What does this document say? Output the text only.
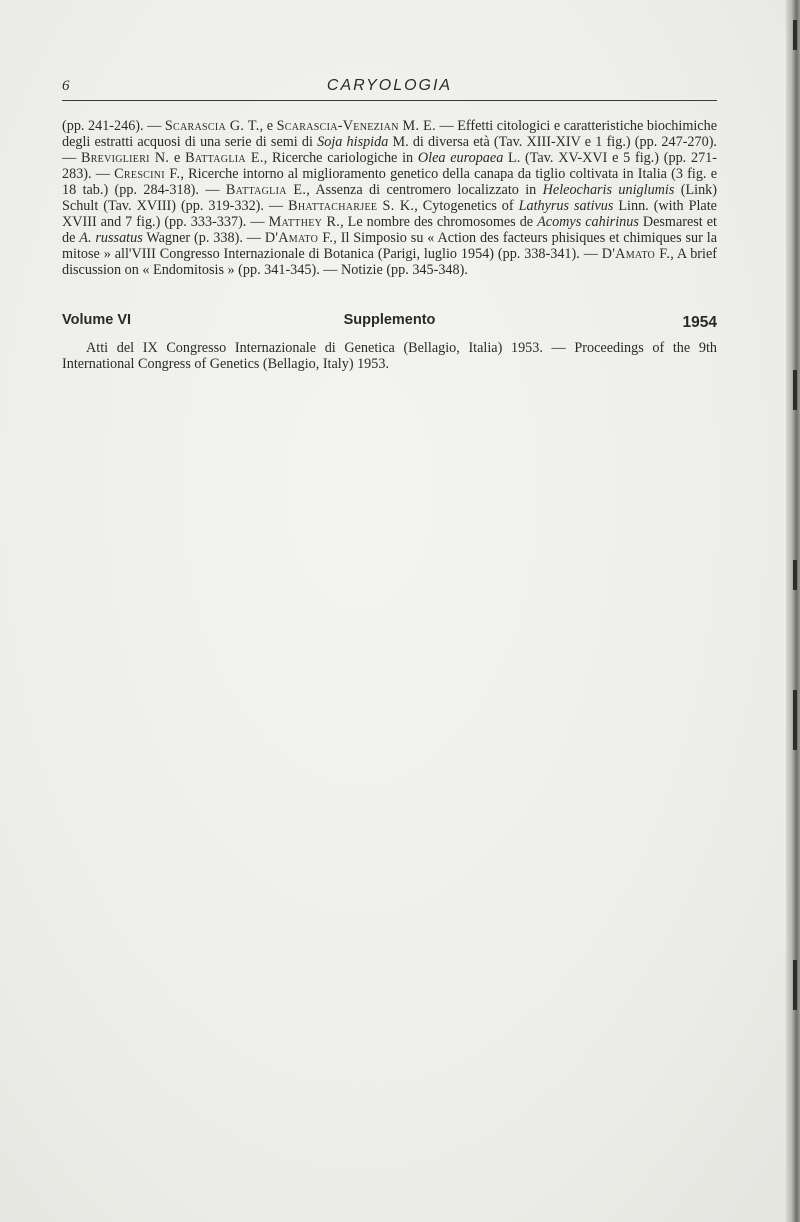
6	CARYOLOGIA
(pp. 241-246). — Scarascia G. T., e Scarascia-Venezian M. E. — Effetti citologici e caratteristiche biochimiche degli estratti acquosi di una serie di semi di Soja hispida M. di diversa età (Tav. XIII-XIV e 1 fig.) (pp. 247-270). — Breviglieri N. e Battaglia E., Ricerche cariologiche in Olea europaea L. (Tav. XV-XVI e 5 fig.) (pp. 271-283). — Crescini F., Ricerche intorno al miglioramento genetico della canapa da tiglio coltivata in Italia (3 fig. e 18 tab.) (pp. 284-318). — Battaglia E., Assenza di centromero localizzato in Heleocharis uniglumis (Link) Schult (Tav. XVIII) (pp. 319-332). — Bhattacharjee S. K., Cytogenetics of Lathyrus sativus Linn. (with Plate XVIII and 7 fig.) (pp. 333-337). — Matthey R., Le nombre des chromosomes de Acomys cahirinus Desmarest et de A. russatus Wagner (p. 338). — D'Amato F., Il Simposio su « Action des facteurs phisiques et chimiques sur la mitose » all'VIII Congresso Internazionale di Botanica (Parigi, luglio 1954) (pp. 338-341). — D'Amato F., A brief discussion on « Endomitosis » (pp. 341-345). — Notizie (pp. 345-348).
Volume VI	Supplemento	1954
Atti del IX Congresso Internazionale di Genetica (Bellagio, Italia) 1953. — Proceedings of the 9th International Congress of Genetics (Bellagio, Italy) 1953.
